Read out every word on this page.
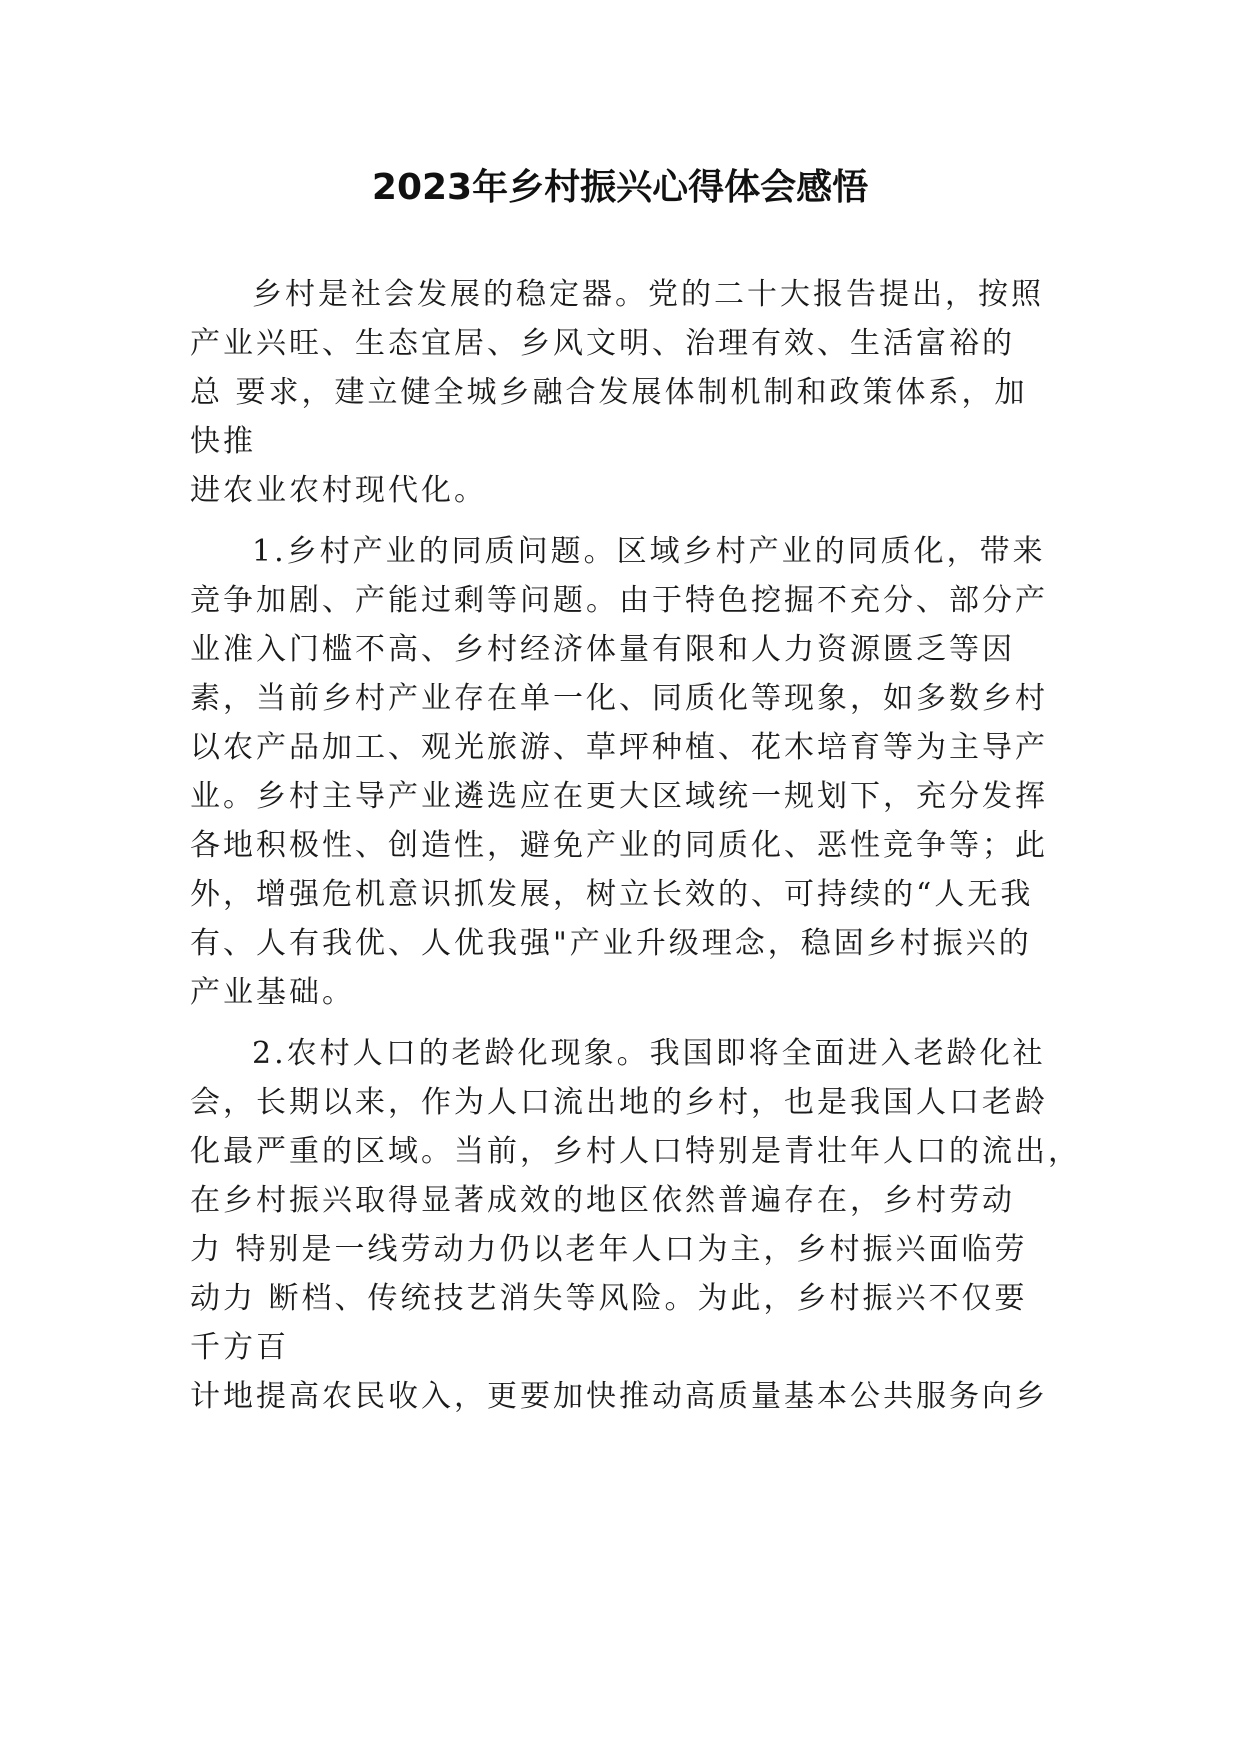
2023年乡村振兴心得体会感悟
乡村是社会发展的稳定器。党的二十大报告提出，按照
产业兴旺、生态宜居、乡风文明、治理有效、生活富裕的
总 要求，建立健全城乡融合发展体制机制和政策体系，加
快推
进农业农村现代化。
1.乡村产业的同质问题。区域乡村产业的同质化，带来
竞争加剧、产能过剩等问题。由于特色挖掘不充分、部分产
业准入门槛不高、乡村经济体量有限和人力资源匮乏等因
素，当前乡村产业存在单一化、同质化等现象，如多数乡村
以农产品加工、观光旅游、草坪种植、花木培育等为主导产
业。乡村主导产业遴选应在更大区域统一规划下，充分发挥
各地积极性、创造性，避免产业的同质化、恶性竞争等；此
外，增强危机意识抓发展，树立长效的、可持续的“人无我
有、人有我优、人优我强"产业升级理念，稳固乡村振兴的
产业基础。
2.农村人口的老龄化现象。我国即将全面进入老龄化社
会，长期以来，作为人口流出地的乡村，也是我国人口老龄
化最严重的区域。当前，乡村人口特别是青壮年人口的流出，
在乡村振兴取得显著成效的地区依然普遍存在，乡村劳动
力 特别是一线劳动力仍以老年人口为主，乡村振兴面临劳
动力 断档、传统技艺消失等风险。为此，乡村振兴不仅要
千方百
计地提高农民收入，更要加快推动高质量基本公共服务向乡
